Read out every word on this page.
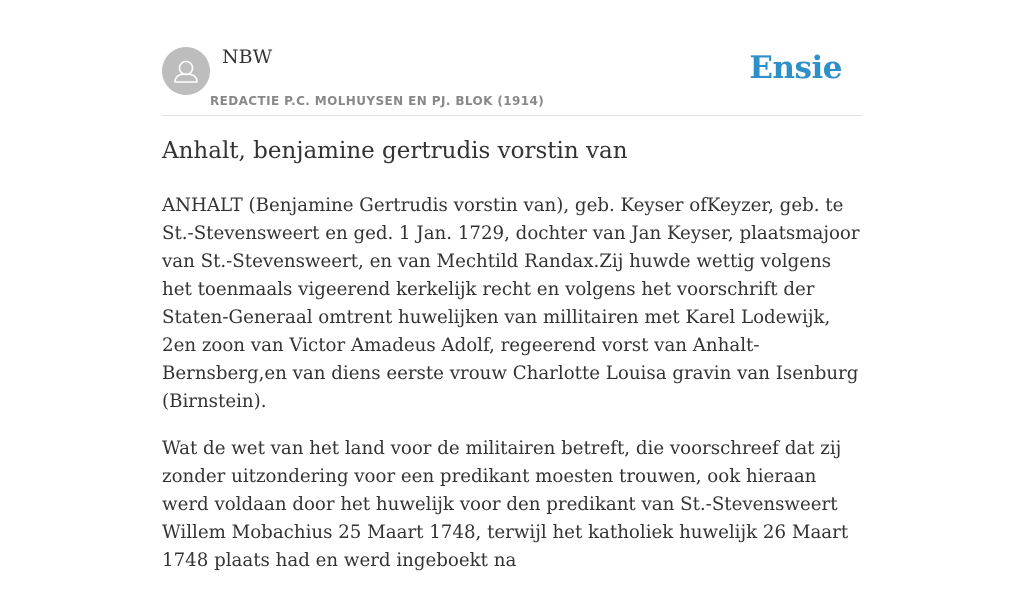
NBW
REDACTIE P.C. MOLHUYSEN EN PJ. BLOK (1914)
Ensie
Anhalt, benjamine gertrudis vorstin van

ANHALT (Benjamine Gertrudis vorstin van), geb. Keyser ofKeyzer, geb. te St.-Stevensweert en ged. 1 Jan. 1729, dochter van Jan Keyser, plaatsmajoor van St.-Stevensweert, en van Mechtild Randax.Zij huwde wettig volgens het toenmaals vigeerend kerkelijk recht en volgens het voorschrift der Staten-Generaal omtrent huwelijken van millitairen met Karel Lodewijk, 2en zoon van Victor Amadeus Adolf, regeerend vorst van Anhalt-Bernsberg,en van diens eerste vrouw Charlotte Louisa gravin van Isenburg (Birnstein).

Wat de wet van het land voor de militairen betreft, die voorschreef dat zij zonder uitzondering voor een predikant moesten trouwen, ook hieraan werd voldaan door het huwelijk voor den predikant van St.-Stevensweert Willem Mobachius 25 Maart 1748, terwijl het katholiek huwelijk 26 Maart 1748 plaats had en werd ingeboekt na
